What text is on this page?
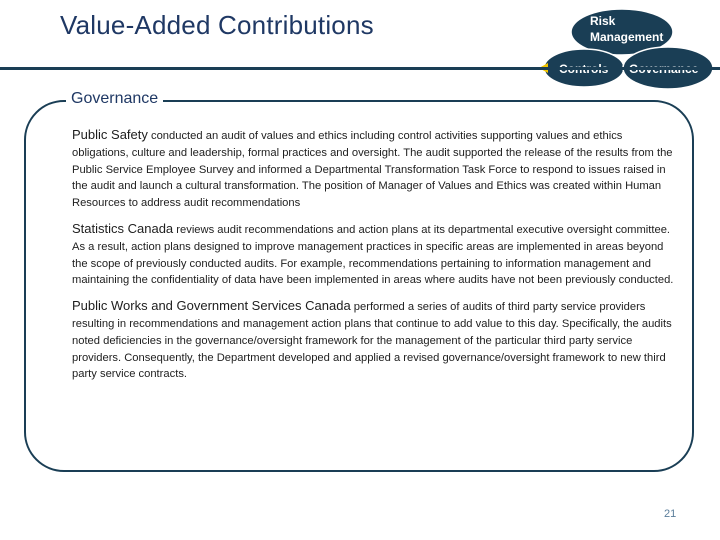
Value-Added Contributions	Risk
Management
Governance

Public Safety conducted an audit of values and ethics including control activities supporting values and ethics obligations, culture and leadership, formal practices and oversight. The audit supported the release of the results from the Public Service Employee Survey and informed a Departmental Transformation Task Force to respond to issues raised in the audit and launch a cultural transformation. The position of Manager of Values and Ethics was created within Human Resources to address audit recommendations

Statistics Canada reviews audit recommendations and action plans at its departmental executive oversight committee. As a result, action plans designed to improve management practices in specific areas are implemented in areas beyond the scope of previously conducted audits. For example, recommendations pertaining to information management and maintaining the confidentiality of data have been implemented in areas where audits have not been previously conducted.

Public Works and Government Services Canada performed a series of audits of third party service providers resulting in recommendations and management action plans that continue to add value to this day. Specifically, the audits noted deficiencies in the governance/oversight framework for the management of the particular third party service providers. Consequently, the Department developed and applied a revised governance/oversight framework to new third party service contracts.

21
